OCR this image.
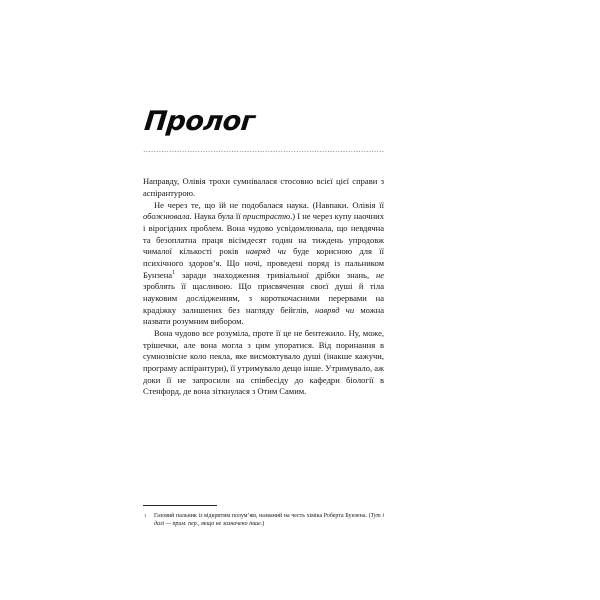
Пролог

Направду, Олівія трохи сумнівалася стосовно всієї цієї справи з аспірантурою.

Не через те, що їй не подобалася наука. (Навпаки. Олівія її обожнювала. Наука була її пристрастю.) І не через купу наочних і вірогідних проблем. Вона чудово усвідомлювала, що невдячна та безоплатна праця вісімдесят годин на тиждень упродовж чималої кількості років навряд чи буде корисною для її психічного здоров’я. Що ночі, проведені поряд із пальником Бунзена$^1$ заради знаходження тривіальної дрібки знань, не зроблять її щасливою. Що присвячення своєї душі й тіла науковим дослідженням, з короткочасними перервами на крадіжку залишених без нагляду бейглів, навряд чи можна назвати розумним вибором.

Вона чудово все розуміла, проте її це не бентежило. Ну, може, трішечки, але вона могла з цим упоратися. Від поринання в сумнозвісне коло пекла, яке висмоктувало душі (інакше кажучи, програму аспірантури), її утримувало дещо інше. Утримувало, аж доки її не запросили на співбесіду до кафедри біології в Стенфорд, де вона зіткнулася з Отим Самим.

1	Газовий пальник із відкритим полум’ям, названий на честь хіміка Роберта Бунзена. (Тут і далі — прим. пер., якщо не зазначено інше.)
